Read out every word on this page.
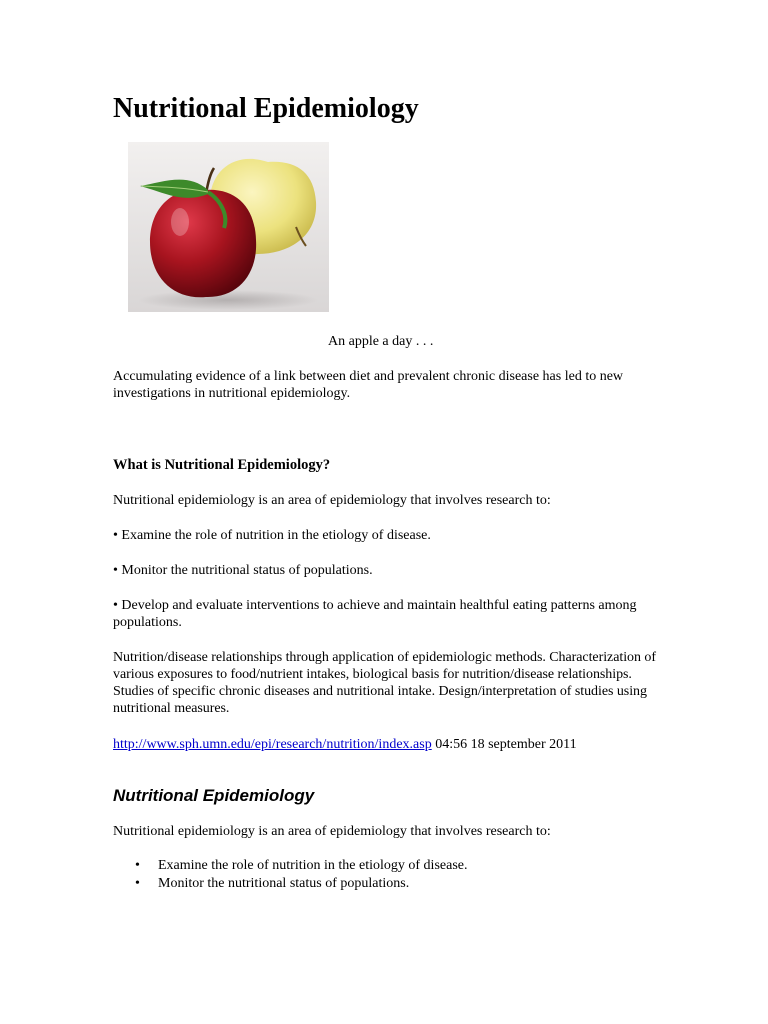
Nutritional Epidemiology
An apple a day . . .

Accumulating evidence of a link between diet and prevalent chronic disease has led to new investigations in nutritional epidemiology.

What is Nutritional Epidemiology?

Nutritional epidemiology is an area of epidemiology that involves research to:

• Examine the role of nutrition in the etiology of disease.

• Monitor the nutritional status of populations.

• Develop and evaluate interventions to achieve and maintain healthful eating patterns among populations.

Nutrition/disease relationships through application of epidemiologic methods. Characterization of various exposures to food/nutrient intakes, biological basis for nutrition/disease relationships. Studies of specific chronic diseases and nutritional intake. Design/interpretation of studies using nutritional measures.

http://www.sph.umn.edu/epi/research/nutrition/index.asp 04:56 18 september 2011

Nutritional Epidemiology

Nutritional epidemiology is an area of epidemiology that involves research to:

• Examine the role of nutrition in the etiology of disease.
• Monitor the nutritional status of populations.
